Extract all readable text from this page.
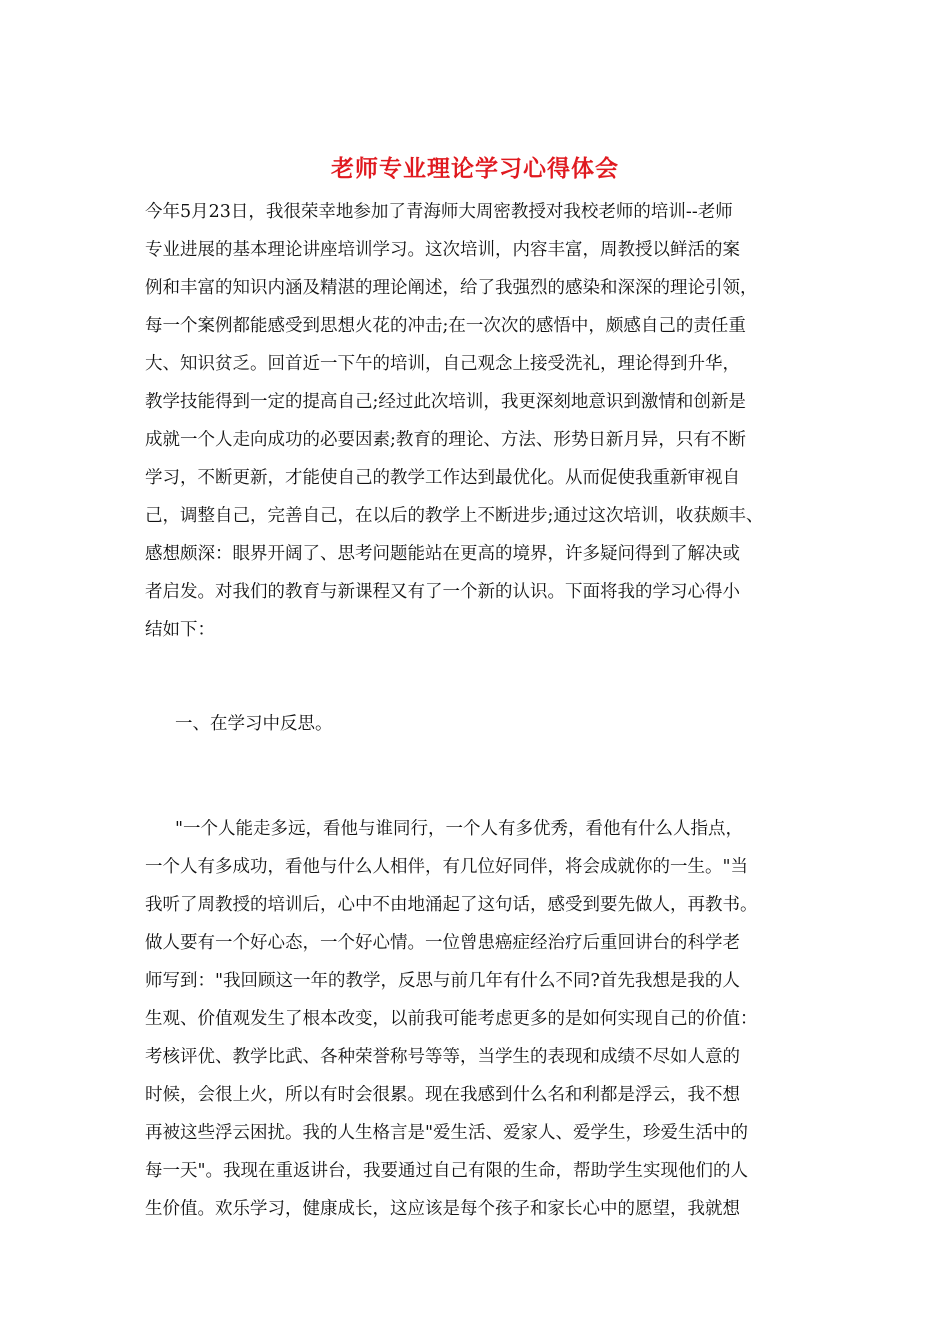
老师专业理论学习心得体会
今年5月23日，我很荣幸地参加了青海师大周密教授对我校老师的培训--老师
专业进展的基本理论讲座培训学习。这次培训，内容丰富，周教授以鲜活的案
例和丰富的知识内涵及精湛的理论阐述，给了我强烈的感染和深深的理论引领，
每一个案例都能感受到思想火花的冲击;在一次次的感悟中，颇感自己的责任重
大、知识贫乏。回首近一下午的培训，自己观念上接受洗礼，理论得到升华，
教学技能得到一定的提高自己;经过此次培训，我更深刻地意识到激情和创新是
成就一个人走向成功的必要因素;教育的理论、方法、形势日新月异，只有不断
学习，不断更新，才能使自己的教学工作达到最优化。从而促使我重新审视自
己，调整自己，完善自己，在以后的教学上不断进步;通过这次培训，收获颇丰、
感想颇深：眼界开阔了、思考问题能站在更高的境界，许多疑问得到了解决或
者启发。对我们的教育与新课程又有了一个新的认识。下面将我的学习心得小
结如下：
一、在学习中反思。
"一个人能走多远，看他与谁同行，一个人有多优秀，看他有什么人指点，
一个人有多成功，看他与什么人相伴，有几位好同伴，将会成就你的一生。"当
我听了周教授的培训后，心中不由地涌起了这句话，感受到要先做人，再教书。
做人要有一个好心态，一个好心情。一位曾患癌症经治疗后重回讲台的科学老
师写到："我回顾这一年的教学，反思与前几年有什么不同?首先我想是我的人
生观、价值观发生了根本改变，以前我可能考虑更多的是如何实现自己的价值：
考核评优、教学比武、各种荣誉称号等等，当学生的表现和成绩不尽如人意的
时候，会很上火，所以有时会很累。现在我感到什么名和利都是浮云，我不想
再被这些浮云困扰。我的人生格言是"爱生活、爱家人、爱学生，珍爱生活中的
每一天"。我现在重返讲台，我要通过自己有限的生命，帮助学生实现他们的人
生价值。欢乐学习，健康成长，这应该是每个孩子和家长心中的愿望，我就想
